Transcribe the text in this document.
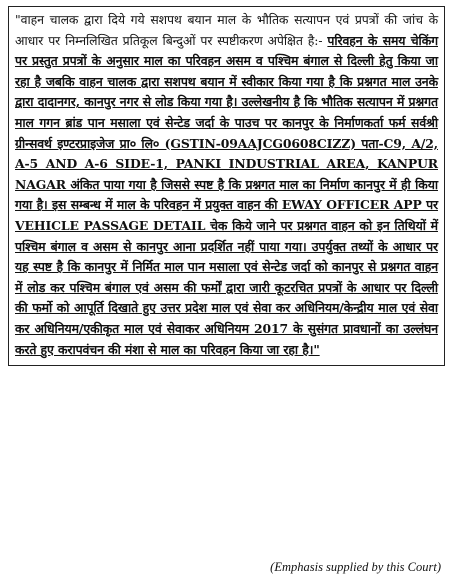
"वाहन चालक द्वारा दिये गये सशपथ बयान माल के भौतिक सत्यापन एवं प्रपत्रों की जांच के आधार पर निम्नलिखित प्रतिकूल बिन्दुओं पर स्पष्टीकरण अपेक्षित है:- परिवहन के समय चेकिंग पर प्रस्तुत प्रपत्रों के अनुसार माल का परिवहन असम व पश्चिम बंगाल से दिल्ली हेतु किया जा रहा है जबकि वाहन चालक द्वारा सशपथ बयान में स्वीकार किया गया है कि प्रश्नगत माल उनके द्वारा दादानगर, कानपुर नगर से लोड किया गया है। उल्लेखनीय है कि भौतिक सत्यापन में प्रश्नगत माल गगन ब्रांड पान मसाला एवं सेन्टेड जर्दा के पाउच पर कानपुर के निर्माणकर्ता फर्म सर्वश्री ग्रीन्सवर्थ इण्टरप्राइजेज प्रा० लि० (GSTIN-09AAJCG0608CIZZ) पता-C9, A/2, A-5 AND A-6 SIDE-1, PANKI INDUSTRIAL AREA, KANPUR NAGAR अंकित पाया गया है जिससे स्पष्ट है कि प्रश्नगत माल का निर्माण कानपुर में ही किया गया है। इस सम्बन्ध में माल के परिवहन में प्रयुक्त वाहन की EWAY OFFICER APP पर VEHICLE PASSAGE DETAIL चेक किये जाने पर प्रश्नगत वाहन को इन तिथियों में पश्चिम बंगाल व असम से कानपुर आना प्रदर्शित नहीं पाया गया। उपर्युक्त तथ्यों के आधार पर यह स्पष्ट है कि कानपुर में निर्मित माल पान मसाला एवं सेन्टेड जर्दा को कानपुर से प्रश्नगत वाहन में लोड कर पश्चिम बंगाल एवं असम की फर्मों द्वारा जारी कूटरचित प्रपत्रों के आधार पर दिल्ली की फर्मो को आपूर्ति दिखाते हुए उत्तर प्रदेश माल एवं सेवा कर अधिनियम/केन्द्रीय माल एवं सेवा कर अधिनियम/एकीकृत माल एवं सेवाकर अधिनियम 2017 के सुसंगत प्रावधानों का उल्लंघन करते हुए करापवंचन की मंशा से माल का परिवहन किया जा रहा है।"

(Emphasis supplied by this Court)
